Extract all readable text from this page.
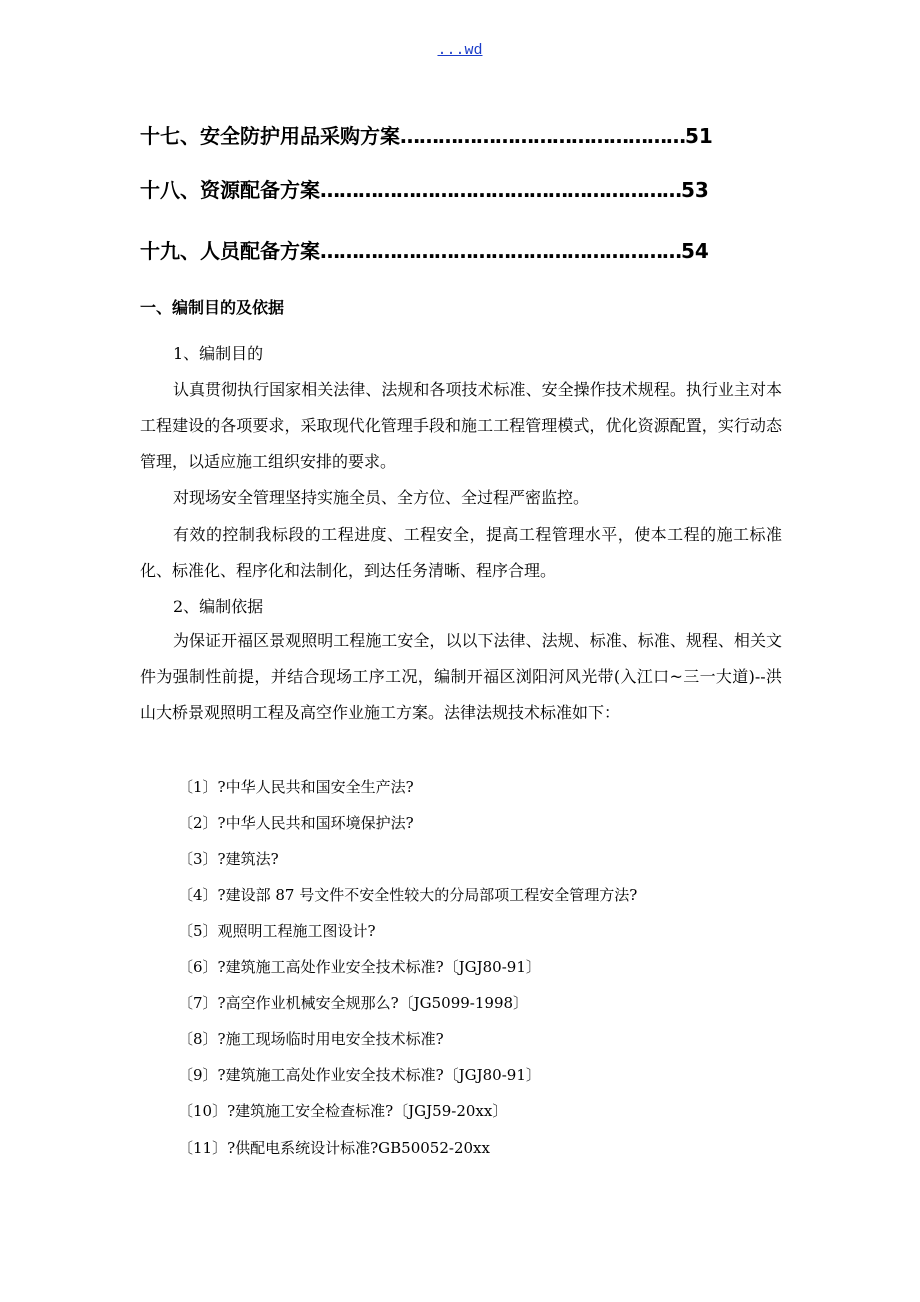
...wd
十七、安全防护用品采购方案………………………………………51
十八、资源配备方案…………………………………………………53
十九、人员配备方案…………………………………………………54
一、编制目的及依据
1、编制目的
认真贯彻执行国家相关法律、法规和各项技术标准、安全操作技术规程。执行业主对本工程建设的各项要求，采取现代化管理手段和施工工程管理模式，优化资源配置，实行动态管理，以适应施工组织安排的要求。
对现场安全管理坚持实施全员、全方位、全过程严密监控。
有效的控制我标段的工程进度、工程安全，提高工程管理水平，使本工程的施工标准化、标准化、程序化和法制化，到达任务清晰、程序合理。
2、编制依据
为保证开福区景观照明工程施工安全，以以下法律、法规、标准、标准、规程、相关文件为强制性前提，并结合现场工序工况，编制开福区浏阳河风光带(入江口~三一大道)--洪山大桥景观照明工程及高空作业施工方案。法律法规技术标准如下：
〔1〕?中华人民共和国安全生产法?
〔2〕?中华人民共和国环境保护法?
〔3〕?建筑法?
〔4〕?建设部 87 号文件不安全性较大的分局部项工程安全管理方法?
〔5〕观照明工程施工图设计?
〔6〕?建筑施工高处作业安全技术标准?〔JGJ80-91〕
〔7〕?高空作业机械安全规那么?〔JG5099-1998〕
〔8〕?施工现场临时用电安全技术标准?
〔9〕?建筑施工高处作业安全技术标准?〔JGJ80-91〕
〔10〕?建筑施工安全检查标准?〔JGJ59-20xx〕
〔11〕?供配电系统设计标准?GB50052-20xx
